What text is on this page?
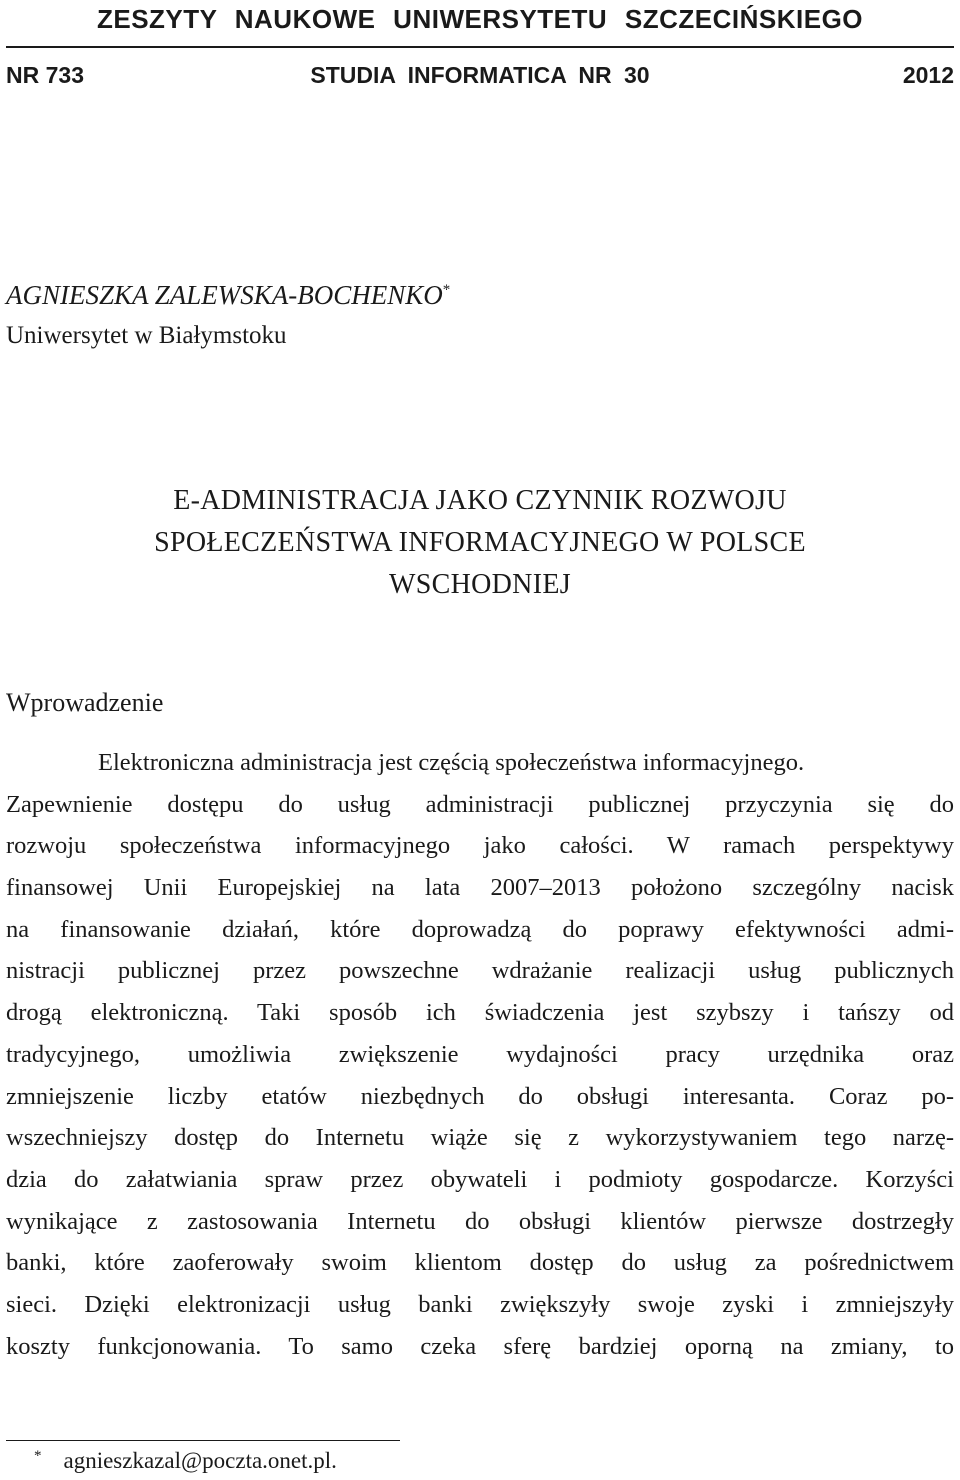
ZESZYTY NAUKOWE UNIWERSYTETU SZCZECIŃSKIEGO
NR 733	STUDIA INFORMATICA NR 30	2012
AGNIESZKA ZALEWSKA-BOCHENKO*
Uniwersytet w Białymstoku
E-ADMINISTRACJA JAKO CZYNNIK ROZWOJU
SPOŁECZEŃSTWA INFORMACYJNEGO W POLSCE
WSCHODNIEJ
Wprowadzenie
Elektroniczna administracja jest częścią społeczeństwa informacyjnego.
Zapewnienie dostępu do usług administracji publicznej przyczynia się do
rozwoju społeczeństwa informacyjnego jako całości. W ramach perspektywy
finansowej Unii Europejskiej na lata 2007–2013 położono szczególny nacisk
na finansowanie działań, które doprowadzą do poprawy efektywności admi-
nistracji publicznej przez powszechne wdrażanie realizacji usług publicznych
drogą elektroniczną. Taki sposób ich świadczenia jest szybszy i tańszy od
tradycyjnego, umożliwia zwiększenie wydajności pracy urzędnika oraz
zmniejszenie liczby etatów niezbędnych do obsługi interesanta. Coraz po-
wszechniejszy dostęp do Internetu wiąże się z wykorzystywaniem tego narzę-
dzia do załatwiania spraw przez obywateli i podmioty gospodarcze. Korzyści
wynikające z zastosowania Internetu do obsługi klientów pierwsze dostrzegły
banki, które zaoferowały swoim klientom dostęp do usług za pośrednictwem
sieci. Dzięki elektronizacji usług banki zwiększyły swoje zyski i zmniejszyły
koszty funkcjonowania. To samo czeka sferę bardziej oporną na zmiany, to
* agnieszkazal@poczta.onet.pl.
